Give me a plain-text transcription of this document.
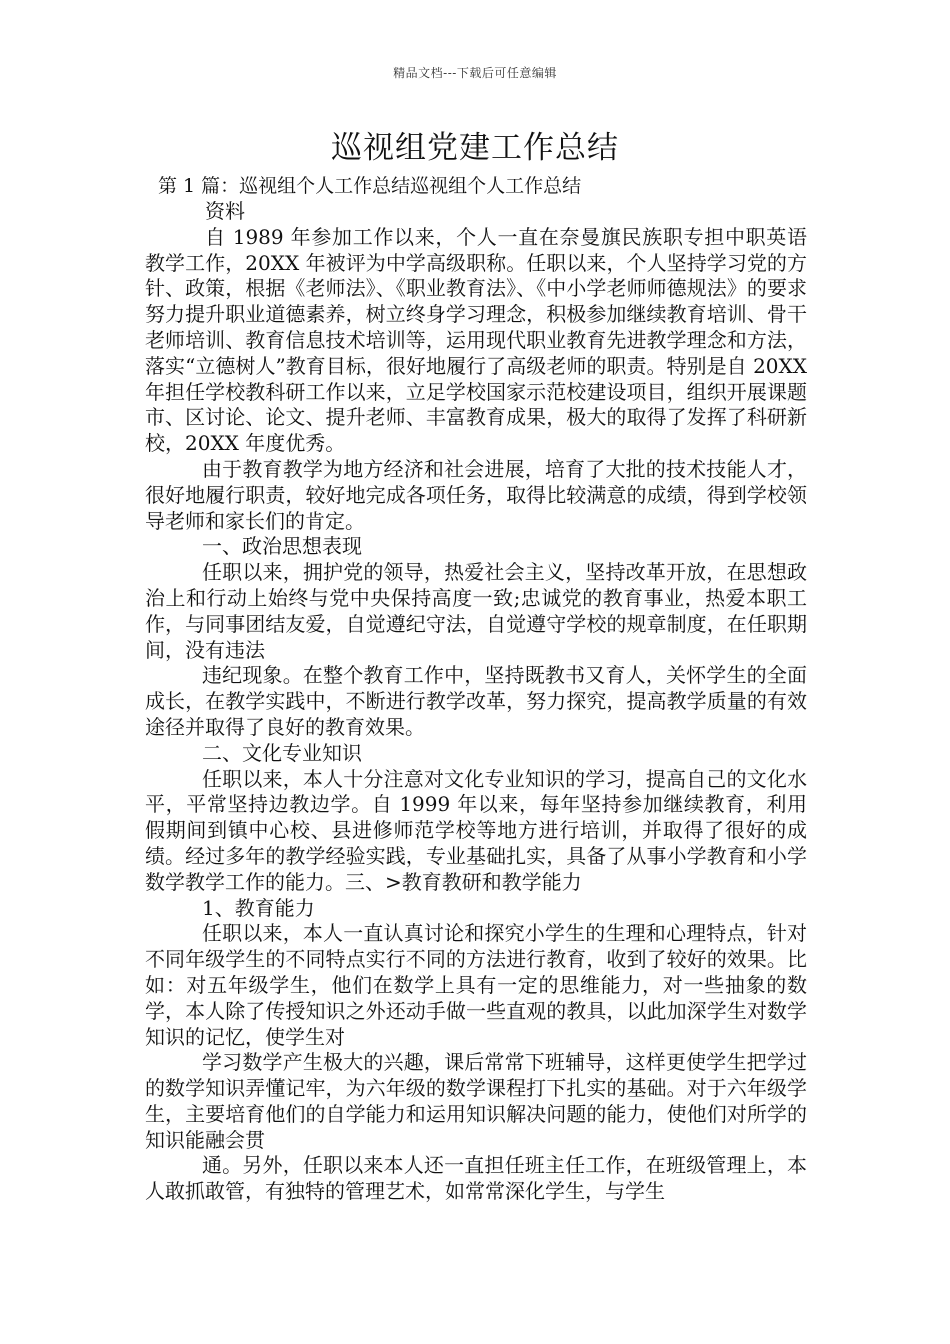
精品文档---下载后可任意编辑
巡视组党建工作总结
第 1 篇：巡视组个人工作总结巡视组个人工作总结

资料

自 1989 年参加工作以来，个人一直在奈曼旗民族职专担中职英语教学工作，20XX 年被评为中学高级职称。任职以来，个人坚持学习党的方针、政策，根据《老师法》、《职业教育法》、《中小学老师师德规法》的要求努力提升职业道德素养，树立终身学习理念，积极参加继续教育培训、骨干老师培训、教育信息技术培训等，运用现代职业教育先进教学理念和方法，落实“立德树人”教育目标，很好地履行了高级老师的职责。特别是自 20XX 年担任学校教科研工作以来，立足学校国家示范校建设项目，组织开展课题市、区讨论、论文、提升老师、丰富教育成果，极大的取得了发挥了科研新校，20XX 年度优秀。

由于教育教学为地方经济和社会进展，培育了大批的技术技能人才，很好地履行职责，较好地完成各项任务，取得比较满意的成绩，得到学校领导老师和家长们的肯定。

一、政治思想表现

任职以来，拥护党的领导，热爱社会主义，坚持改革开放，在思想政治上和行动上始终与党中央保持高度一致;忠诚党的教育事业，热爱本职工作，与同事团结友爱，自觉遵纪守法，自觉遵守学校的规章制度，在任职期间，没有违法

违纪现象。在整个教育工作中，坚持既教书又育人，关怀学生的全面成长，在教学实践中，不断进行教学改革，努力探究，提高教学质量的有效途径并取得了良好的教育效果。

二、文化专业知识

任职以来，本人十分注意对文化专业知识的学习，提高自己的文化水平，平常坚持边教边学。自 1999 年以来，每年坚持参加继续教育，利用假期间到镇中心校、县进修师范学校等地方进行培训，并取得了很好的成绩。经过多年的教学经验实践，专业基础扎实，具备了从事小学教育和小学数学教学工作的能力。三、>教育教研和教学能力

1、教育能力

任职以来，本人一直认真讨论和探究小学生的生理和心理特点，针对不同年级学生的不同特点实行不同的方法进行教育，收到了较好的效果。比如：对五年级学生，他们在数学上具有一定的思维能力，对一些抽象的数学，本人除了传授知识之外还动手做一些直观的教具，以此加深学生对数学知识的记忆，使学生对

学习数学产生极大的兴趣，课后常常下班辅导，这样更使学生把学过的数学知识弄懂记牢，为六年级的数学课程打下扎实的基础。对于六年级学生，主要培育他们的自学能力和运用知识解决问题的能力，使他们对所学的知识能融会贯

通。另外，任职以来本人还一直担任班主任工作，在班级管理上，本人敢抓敢管，有独特的管理艺术，如常常深化学生，与学生
